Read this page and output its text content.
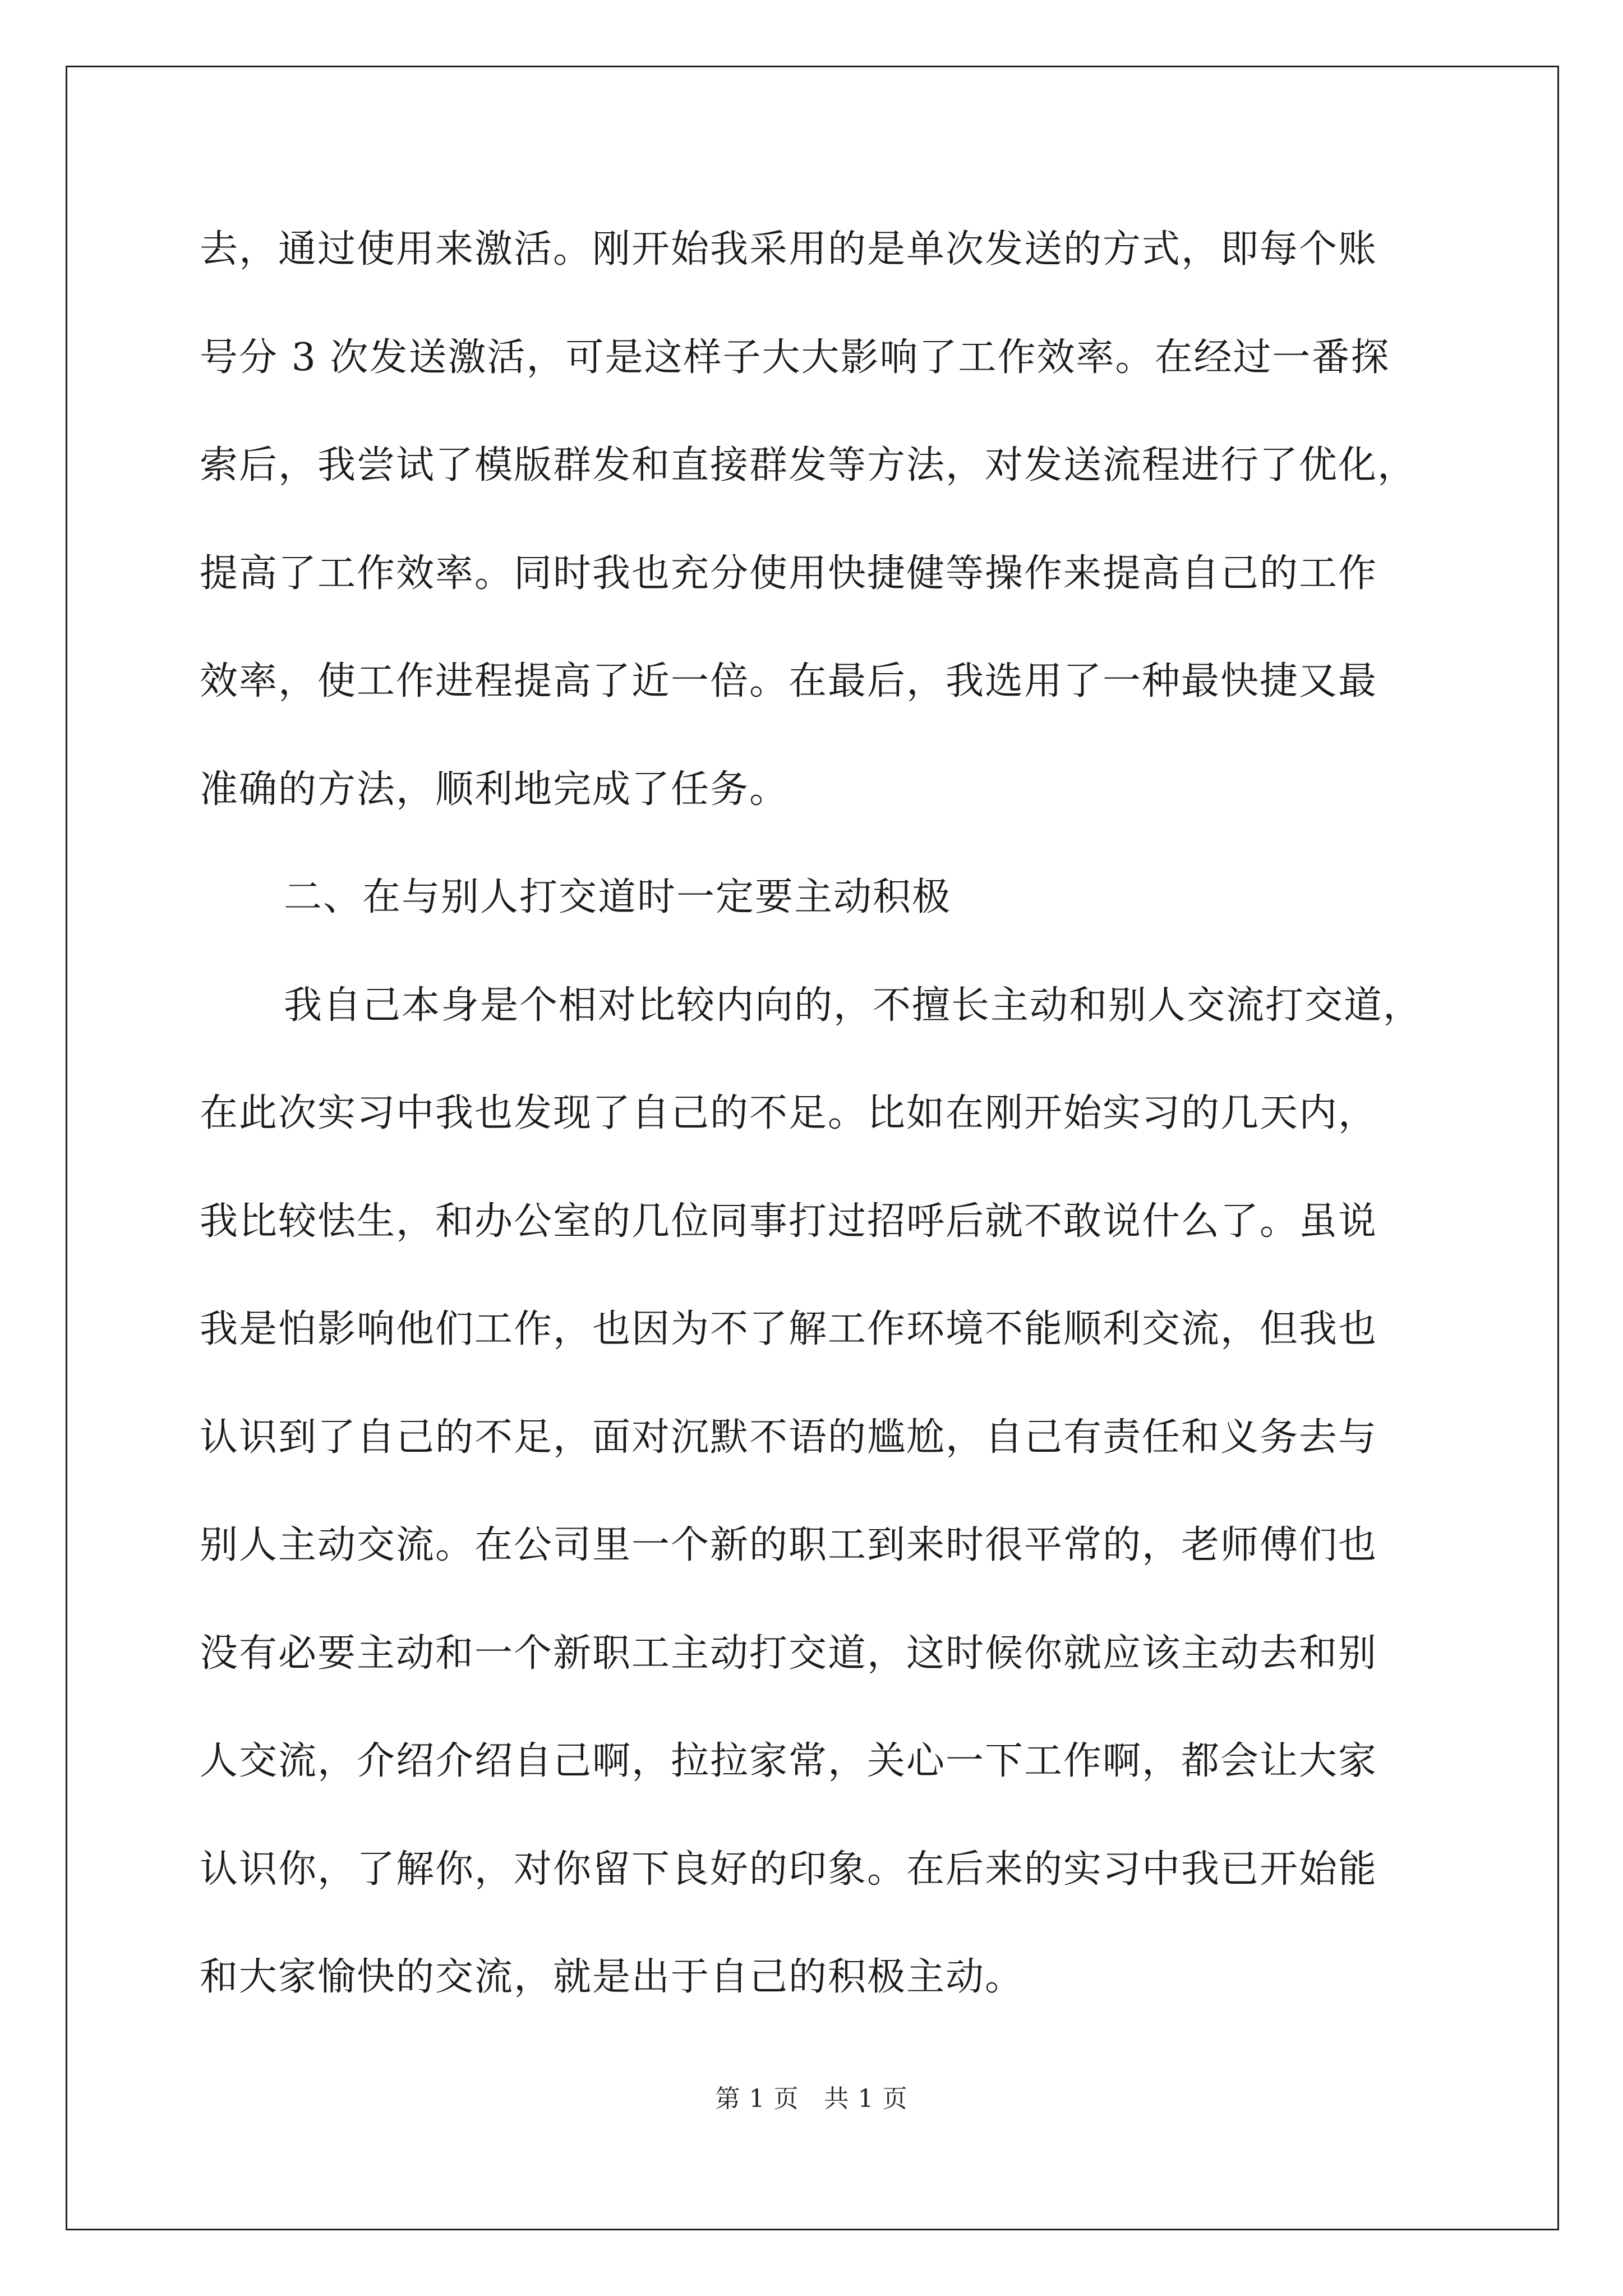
去，通过使用来激活。刚开始我采用的是单次发送的方式，即每个账
号分 3 次发送激活，可是这样子大大影响了工作效率。在经过一番探
索后，我尝试了模版群发和直接群发等方法，对发送流程进行了优化，
提高了工作效率。同时我也充分使用快捷健等操作来提高自己的工作
效率，使工作进程提高了近一倍。在最后，我选用了一种最快捷又最
准确的方法，顺利地完成了任务。
二、在与别人打交道时一定要主动积极
我自己本身是个相对比较内向的，不擅长主动和别人交流打交道，
在此次实习中我也发现了自己的不足。比如在刚开始实习的几天内，
我比较怯生，和办公室的几位同事打过招呼后就不敢说什么了。虽说
我是怕影响他们工作，也因为不了解工作环境不能顺利交流，但我也
认识到了自己的不足，面对沉默不语的尴尬，自己有责任和义务去与
别人主动交流。在公司里一个新的职工到来时很平常的，老师傅们也
没有必要主动和一个新职工主动打交道，这时候你就应该主动去和别
人交流，介绍介绍自己啊，拉拉家常，关心一下工作啊，都会让大家
认识你，了解你，对你留下良好的印象。在后来的实习中我已开始能
和大家愉快的交流，就是出于自己的积极主动。
第 1 页　共 1 页
